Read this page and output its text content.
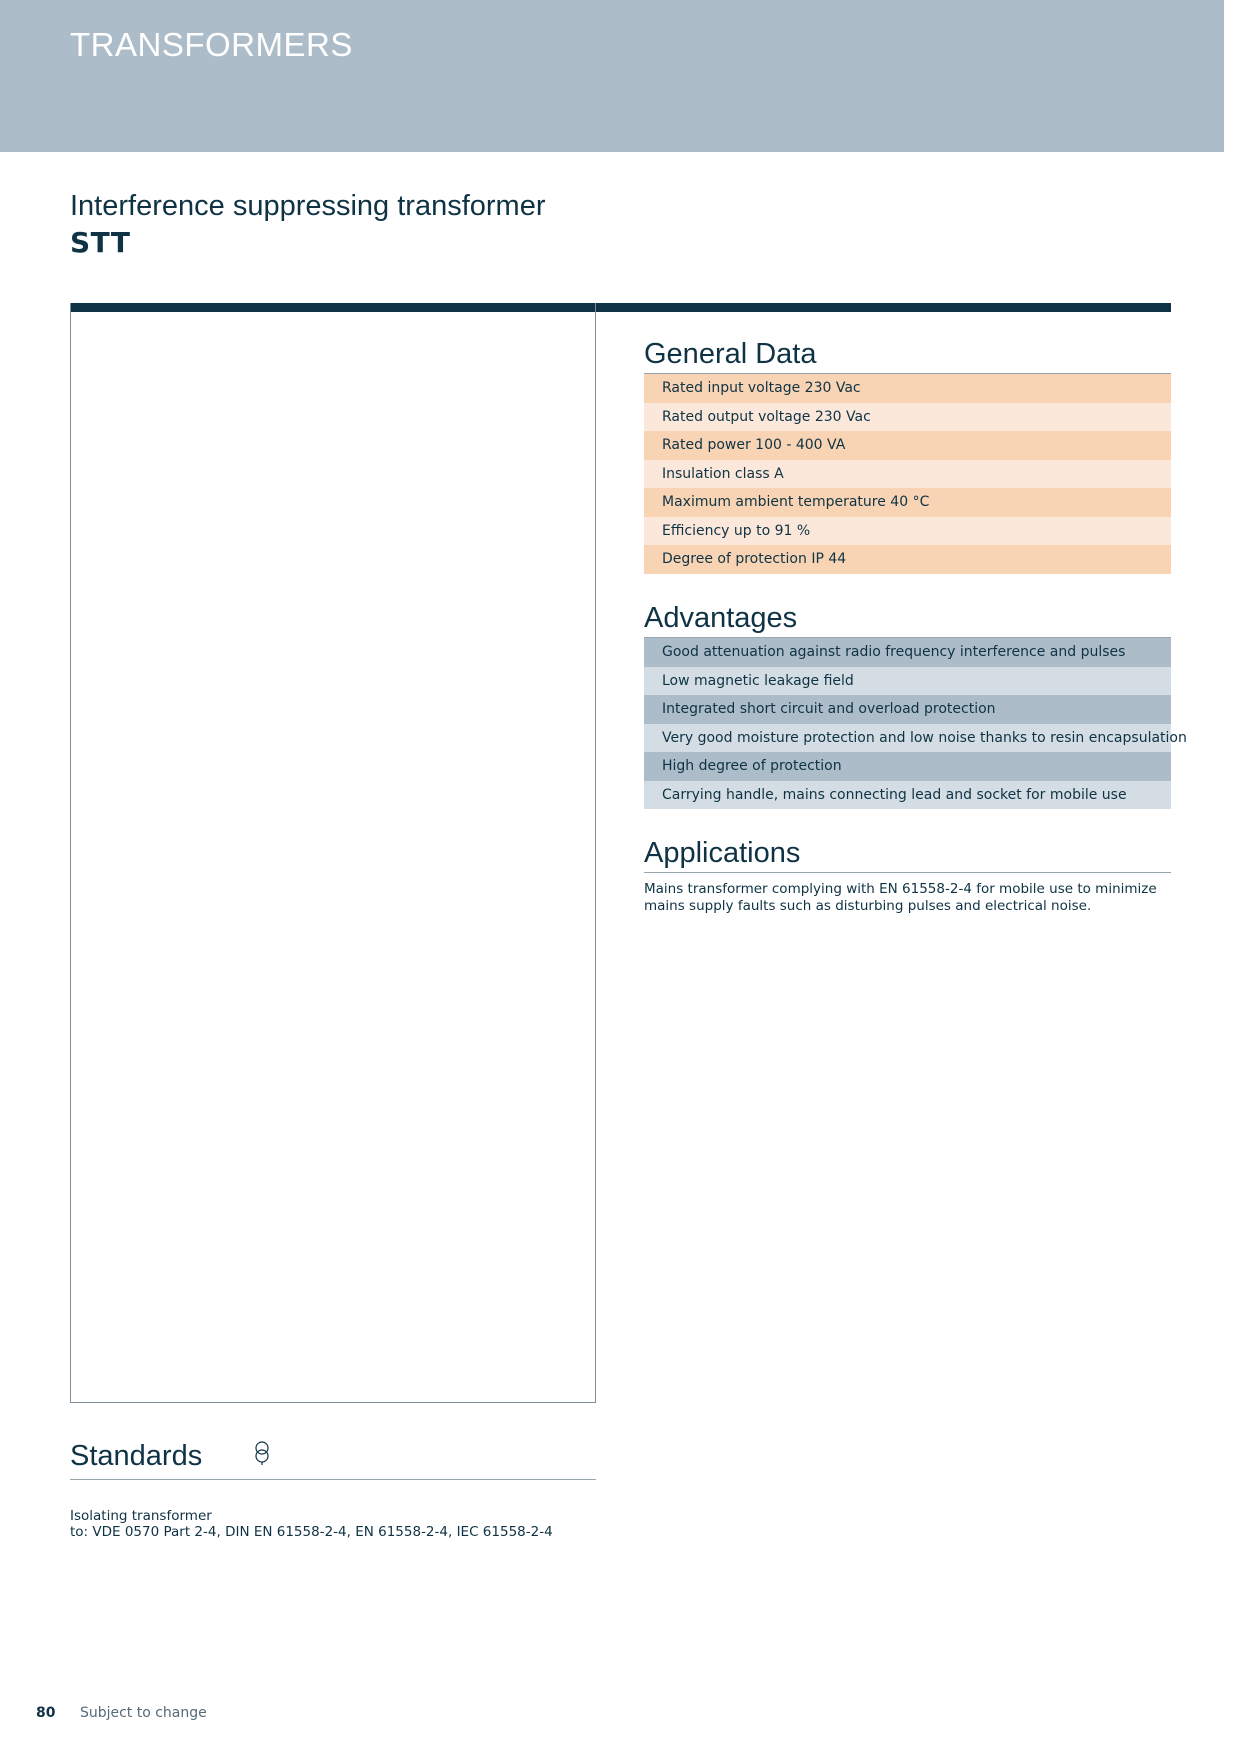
TRANSFORMERS
Interference suppressing transformer
STT
General Data
Rated input voltage 230 Vac
Rated output voltage 230 Vac
Rated power 100 - 400 VA
Insulation class A
Maximum ambient temperature 40 °C
Efficiency up to 91 %
Degree of protection IP 44
Advantages
Good attenuation against radio frequency interference and pulses
Low magnetic leakage field
Integrated short circuit and overload protection
Very good moisture protection and low noise thanks to resin encapsulation
High degree of protection
Carrying handle, mains connecting lead and socket for mobile use
Applications

Mains transformer complying with EN 61558-2-4 for mobile use to minimize
mains supply faults such as disturbing pulses and electrical noise.

Standards

Isolating transformer
to: VDE 0570 Part 2-4, DIN EN 61558-2-4, EN 61558-2-4, IEC 61558-2-4

80 Subject to change
